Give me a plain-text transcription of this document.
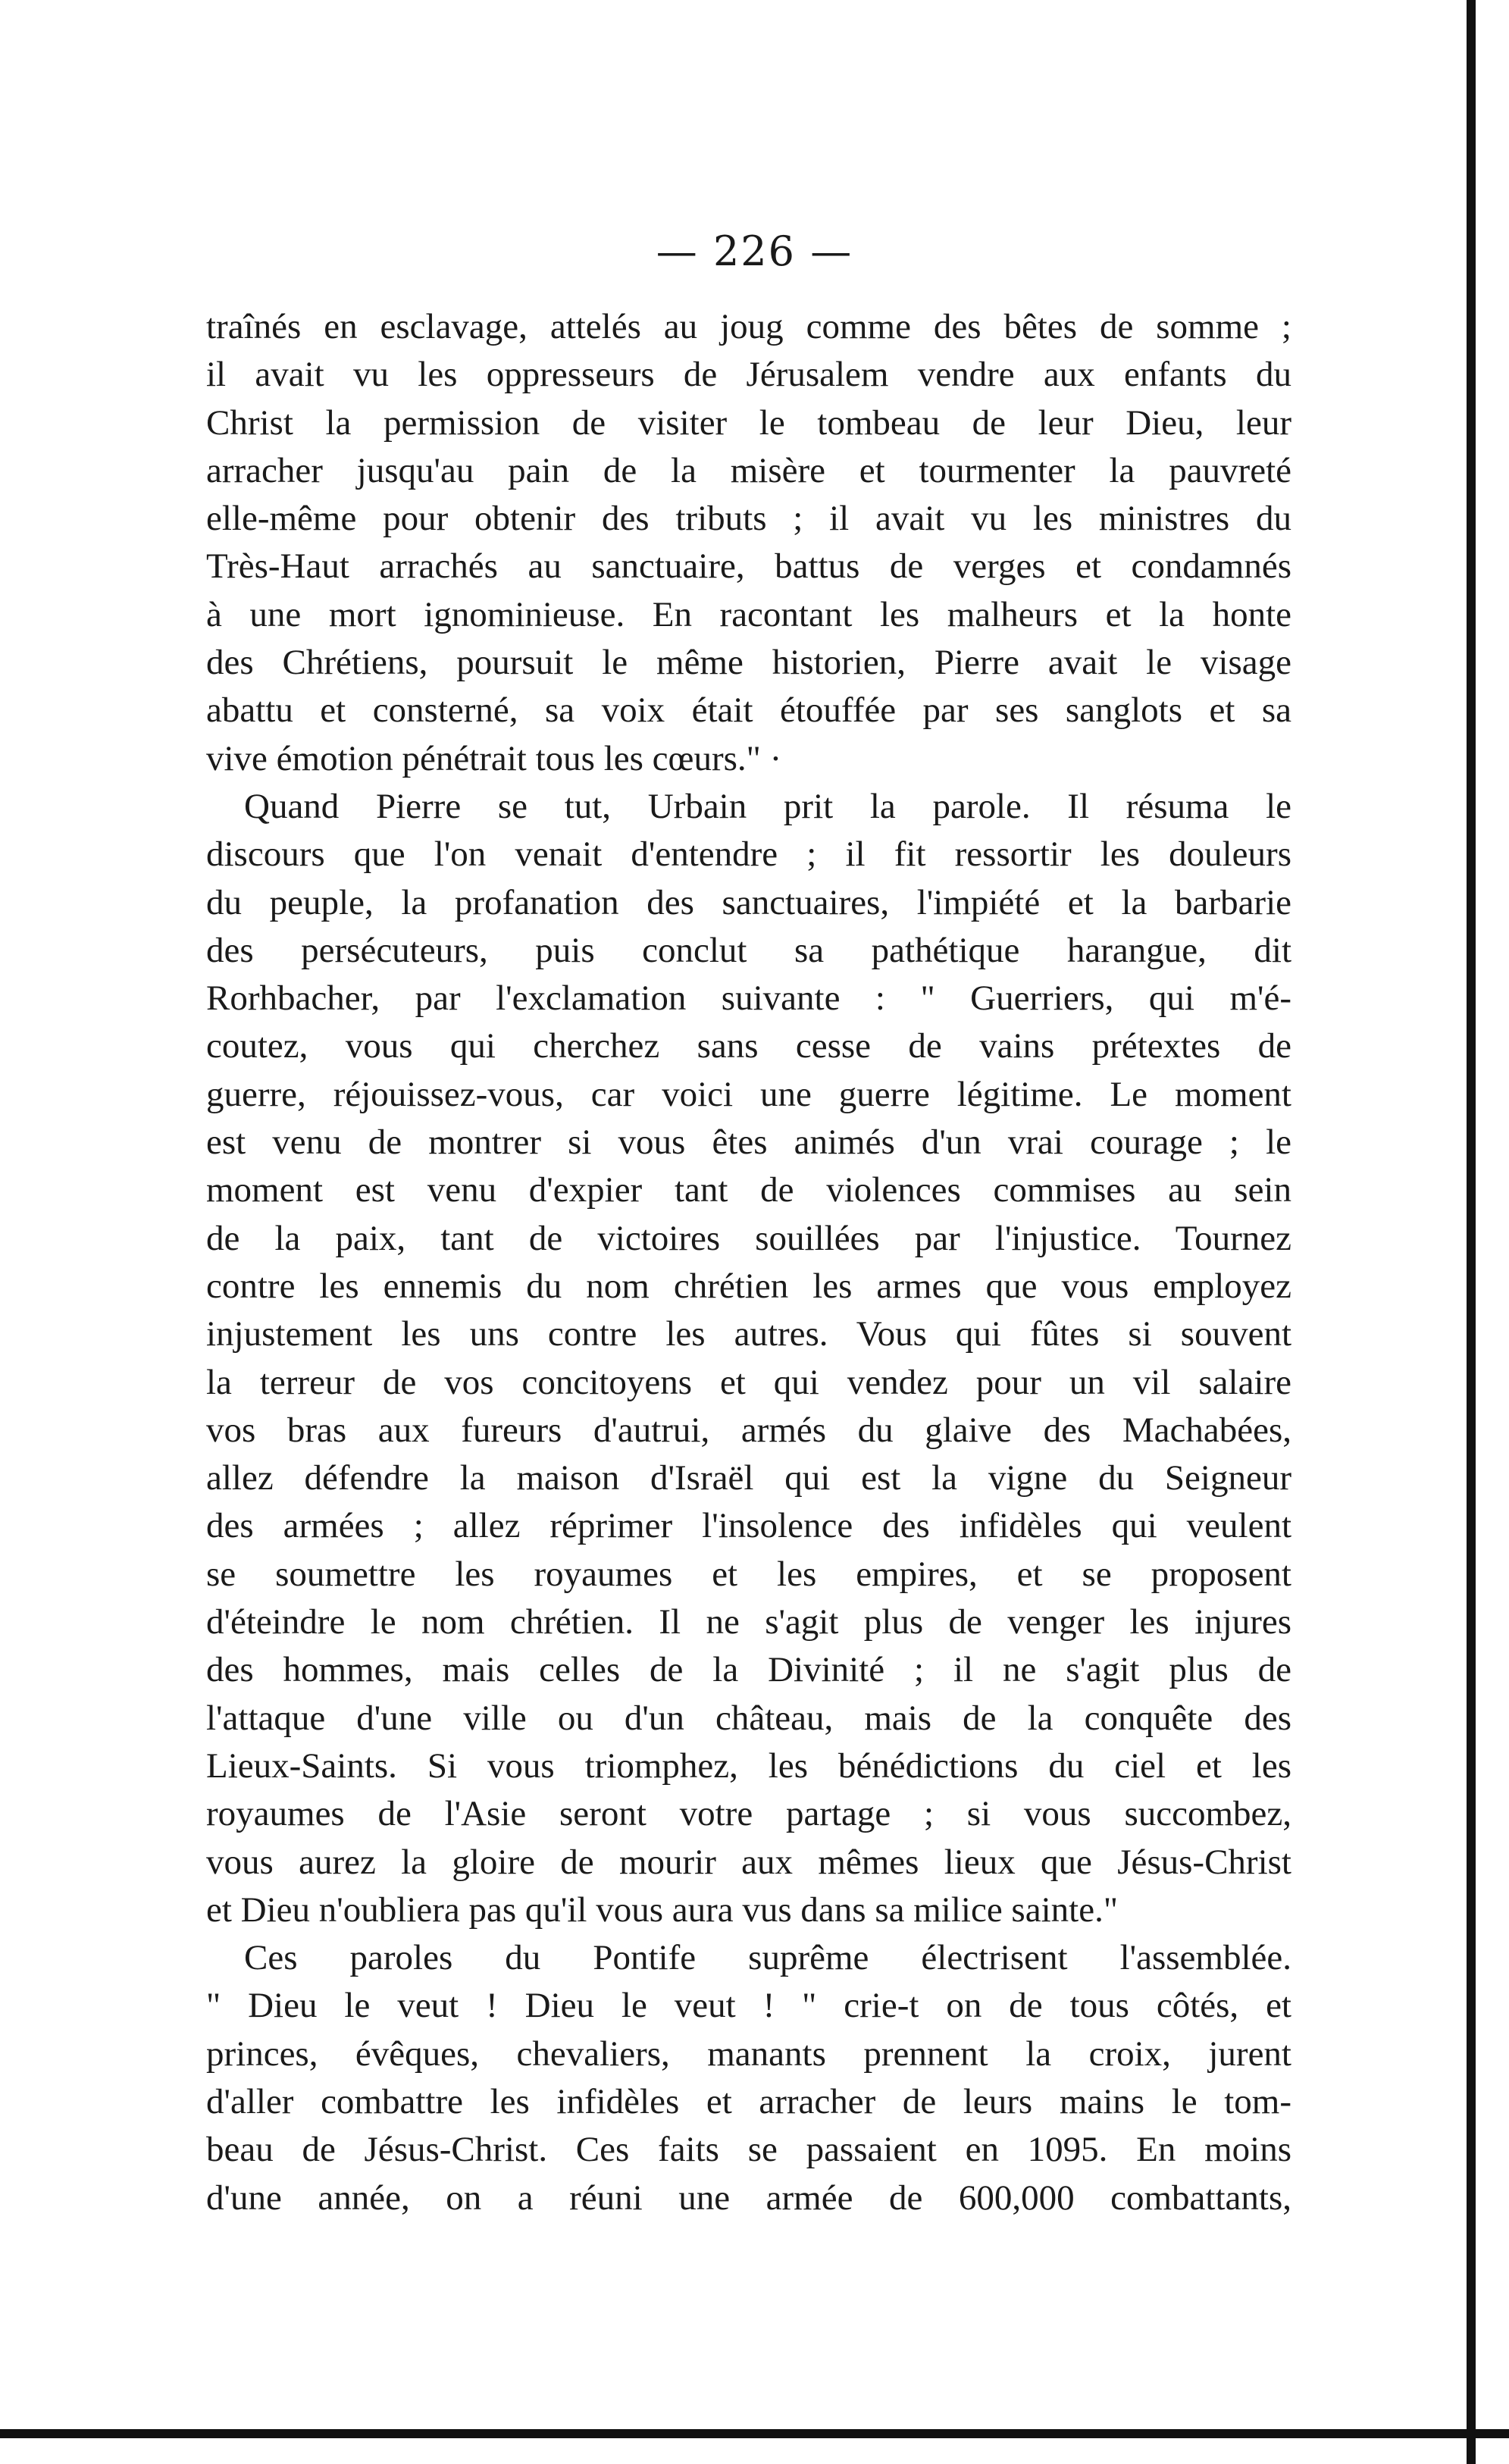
— 226 —
traînés en esclavage, attelés au joug comme des bêtes de somme ;
il avait vu les oppresseurs de Jérusalem vendre aux enfants du
Christ la permission de visiter le tombeau de leur Dieu, leur
arracher jusqu'au pain de la misère et tourmenter la pauvreté
elle-même pour obtenir des tributs ; il avait vu les ministres du
Très-Haut arrachés au sanctuaire, battus de verges et condamnés
à une mort ignominieuse. En racontant les malheurs et la honte
des Chrétiens, poursuit le même historien, Pierre avait le visage
abattu et consterné, sa voix était étouffée par ses sanglots et sa
vive émotion pénétrait tous les cœurs." ·
Quand Pierre se tut, Urbain prit la parole. Il résuma le
discours que l'on venait d'entendre ; il fit ressortir les douleurs
du peuple, la profanation des sanctuaires, l'impiété et la barbarie
des persécuteurs, puis conclut sa pathétique harangue, dit
Rorhbacher, par l'exclamation suivante : " Guerriers, qui m'é-
coutez, vous qui cherchez sans cesse de vains prétextes de
guerre, réjouissez-vous, car voici une guerre légitime. Le moment
est venu de montrer si vous êtes animés d'un vrai courage ; le
moment est venu d'expier tant de violences commises au sein
de la paix, tant de victoires souillées par l'injustice. Tournez
contre les ennemis du nom chrétien les armes que vous employez
injustement les uns contre les autres. Vous qui fûtes si souvent
la terreur de vos concitoyens et qui vendez pour un vil salaire
vos bras aux fureurs d'autrui, armés du glaive des Machabées,
allez défendre la maison d'Israël qui est la vigne du Seigneur
des armées ; allez réprimer l'insolence des infidèles qui veulent
se soumettre les royaumes et les empires, et se proposent
d'éteindre le nom chrétien. Il ne s'agit plus de venger les injures
des hommes, mais celles de la Divinité ; il ne s'agit plus de
l'attaque d'une ville ou d'un château, mais de la conquête des
Lieux-Saints. Si vous triomphez, les bénédictions du ciel et les
royaumes de l'Asie seront votre partage ; si vous succombez,
vous aurez la gloire de mourir aux mêmes lieux que Jésus-Christ
et Dieu n'oubliera pas qu'il vous aura vus dans sa milice sainte."
Ces paroles du Pontife suprême électrisent l'assemblée.
" Dieu le veut ! Dieu le veut ! " crie-t on de tous côtés, et
princes, évêques, chevaliers, manants prennent la croix, jurent
d'aller combattre les infidèles et arracher de leurs mains le tom-
beau de Jésus-Christ. Ces faits se passaient en 1095. En moins
d'une année, on a réuni une armée de 600,000 combattants,
